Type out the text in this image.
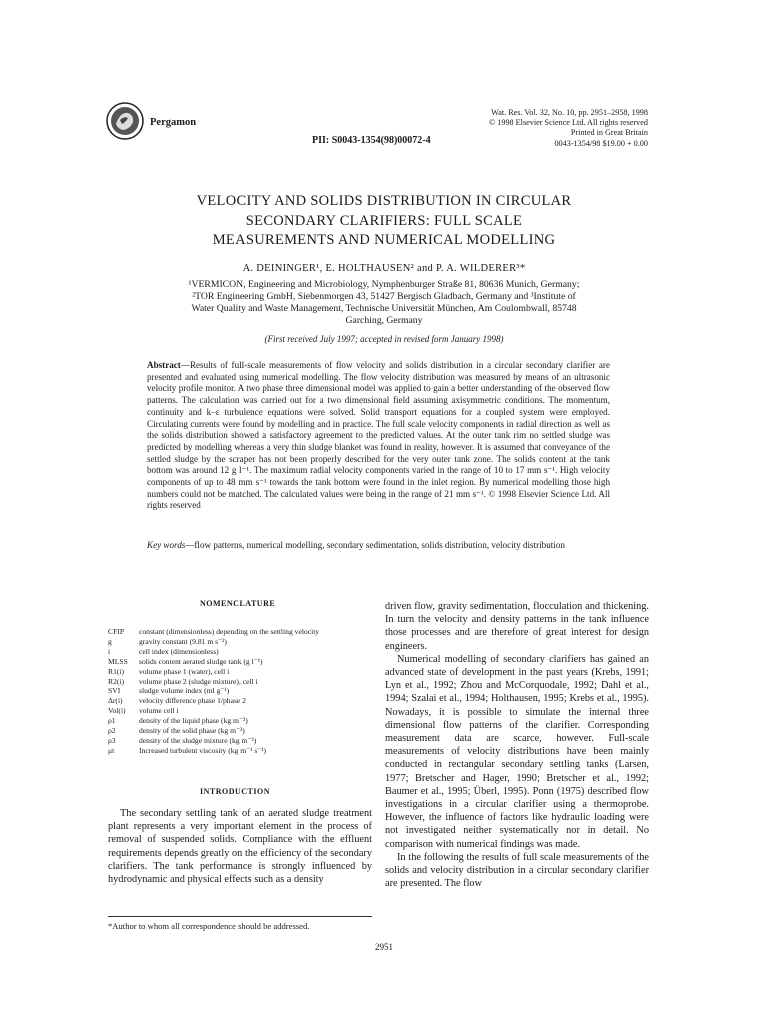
Pergamon
PII: S0043-1354(98)00072-4
Wat. Res. Vol. 32, No. 10, pp. 2951–2958, 1998
© 1998 Elsevier Science Ltd. All rights reserved
Printed in Great Britain
0043-1354/98 $19.00 + 0.00
VELOCITY AND SOLIDS DISTRIBUTION IN CIRCULAR
SECONDARY CLARIFIERS: FULL SCALE
MEASUREMENTS AND NUMERICAL MODELLING
A. DEININGER¹, E. HOLTHAUSEN² and P. A. WILDERER³*
¹VERMICON, Engineering and Microbiology, Nymphenburger Straße 81, 80636 Munich, Germany;
²TOR Engineering GmbH, Siebenmorgen 43, 51427 Bergisch Gladbach, Germany and ³Institute of
Water Quality and Waste Management, Technische Universität München, Am Coulombwall, 85748
Garching, Germany
(First received July 1997; accepted in revised form January 1998)
Abstract—Results of full-scale measurements of flow velocity and solids distribution in a circular secondary clarifier are presented and evaluated using numerical modelling. The flow velocity distribution was measured by means of an ultrasonic velocity profile monitor. A two phase three dimensional model was applied to gain a better understanding of the observed flow patterns. The calculation was carried out for a two dimensional field assuming axisymmetric conditions. The momentum, continuity and k–ε turbulence equations were solved. Solid transport equations for a coupled system were employed. Circulating currents were found by modelling and in practice. The full scale velocity components in radial direction as well as the solids distribution showed a satisfactory agreement to the predicted values. At the outer tank rim no settled sludge was predicted by modelling whereas a very thin sludge blanket was found in reality, however. It is assumed that conveyance of the settled sludge by the scraper has not been properly described for the very outer tank zone. The solids content at the tank bottom was around 12 g l⁻¹. The maximum radial velocity components varied in the range of 10 to 17 mm s⁻¹. High velocity components of up to 48 mm s⁻¹ towards the tank bottom were found in the inlet region. By numerical modelling those high numbers could not be matched. The calculated values were being in the range of 21 mm s⁻¹. © 1998 Elsevier Science Ltd. All rights reserved
Key words—flow patterns, numerical modelling, secondary sedimentation, solids distribution, velocity distribution
NOMENCLATURE
CFIP	constant (dimensionless) depending on the settling velocity
g	gravity constant (9.81 m s⁻²)
i	cell index (dimensionless)
MLSS	solids content aerated sludge tank (g l⁻¹)
R1(i)	volume phase 1 (water), cell i
R2(i)	volume phase 2 (sludge mixture), cell i
SVI	sludge volume index (ml g⁻¹)
Δr(i)	velocity difference phase 1/phase 2
Vol(i)	volume cell i
ρ1	density of the liquid phase (kg m⁻³)
ρ2	density of the solid phase (kg m⁻³)
ρ3	density of the sludge mixture (kg m⁻³)
μt	Increased turbulent viscosity (kg m⁻¹ s⁻¹)
INTRODUCTION
The secondary settling tank of an aerated sludge treatment plant represents a very important element in the process of removal of suspended solids. Compliance with the effluent requirements depends greatly on the efficiency of the secondary clarifiers. The tank performance is strongly influenced by hydrodynamic and physical effects such as a density
*Author to whom all correspondence should be addressed.

driven flow, gravity sedimentation, flocculation and thickening. In turn the velocity and density patterns in the tank influence those processes and are therefore of great interest for design engineers.

Numerical modelling of secondary clarifiers has gained an advanced state of development in the past years (Krebs, 1991; Lyn et al., 1992; Zhou and McCorquodale, 1992; Dahl et al., 1994; Szalai et al., 1994; Holthausen, 1995; Krebs et al., 1995). Nowadays, it is possible to simulate the internal three dimensional flow patterns of the clarifier. Corresponding measurement data are scarce, however. Full-scale measurements of velocity distributions have been mainly conducted in rectangular secondary settling tanks (Larsen, 1977; Bretscher and Hager, 1990; Bretscher et al., 1992; Baumer et al., 1995; Überl, 1995). Ponn (1975) described flow investigations in a circular clarifier using a thermoprobe. However, the influence of factors like hydraulic loading were not investigated neither systematically nor in detail. No comparison with numerical findings was made.

In the following the results of full scale measurements of the solids and velocity distribution in a circular secondary clarifier are presented. The flow

2951
